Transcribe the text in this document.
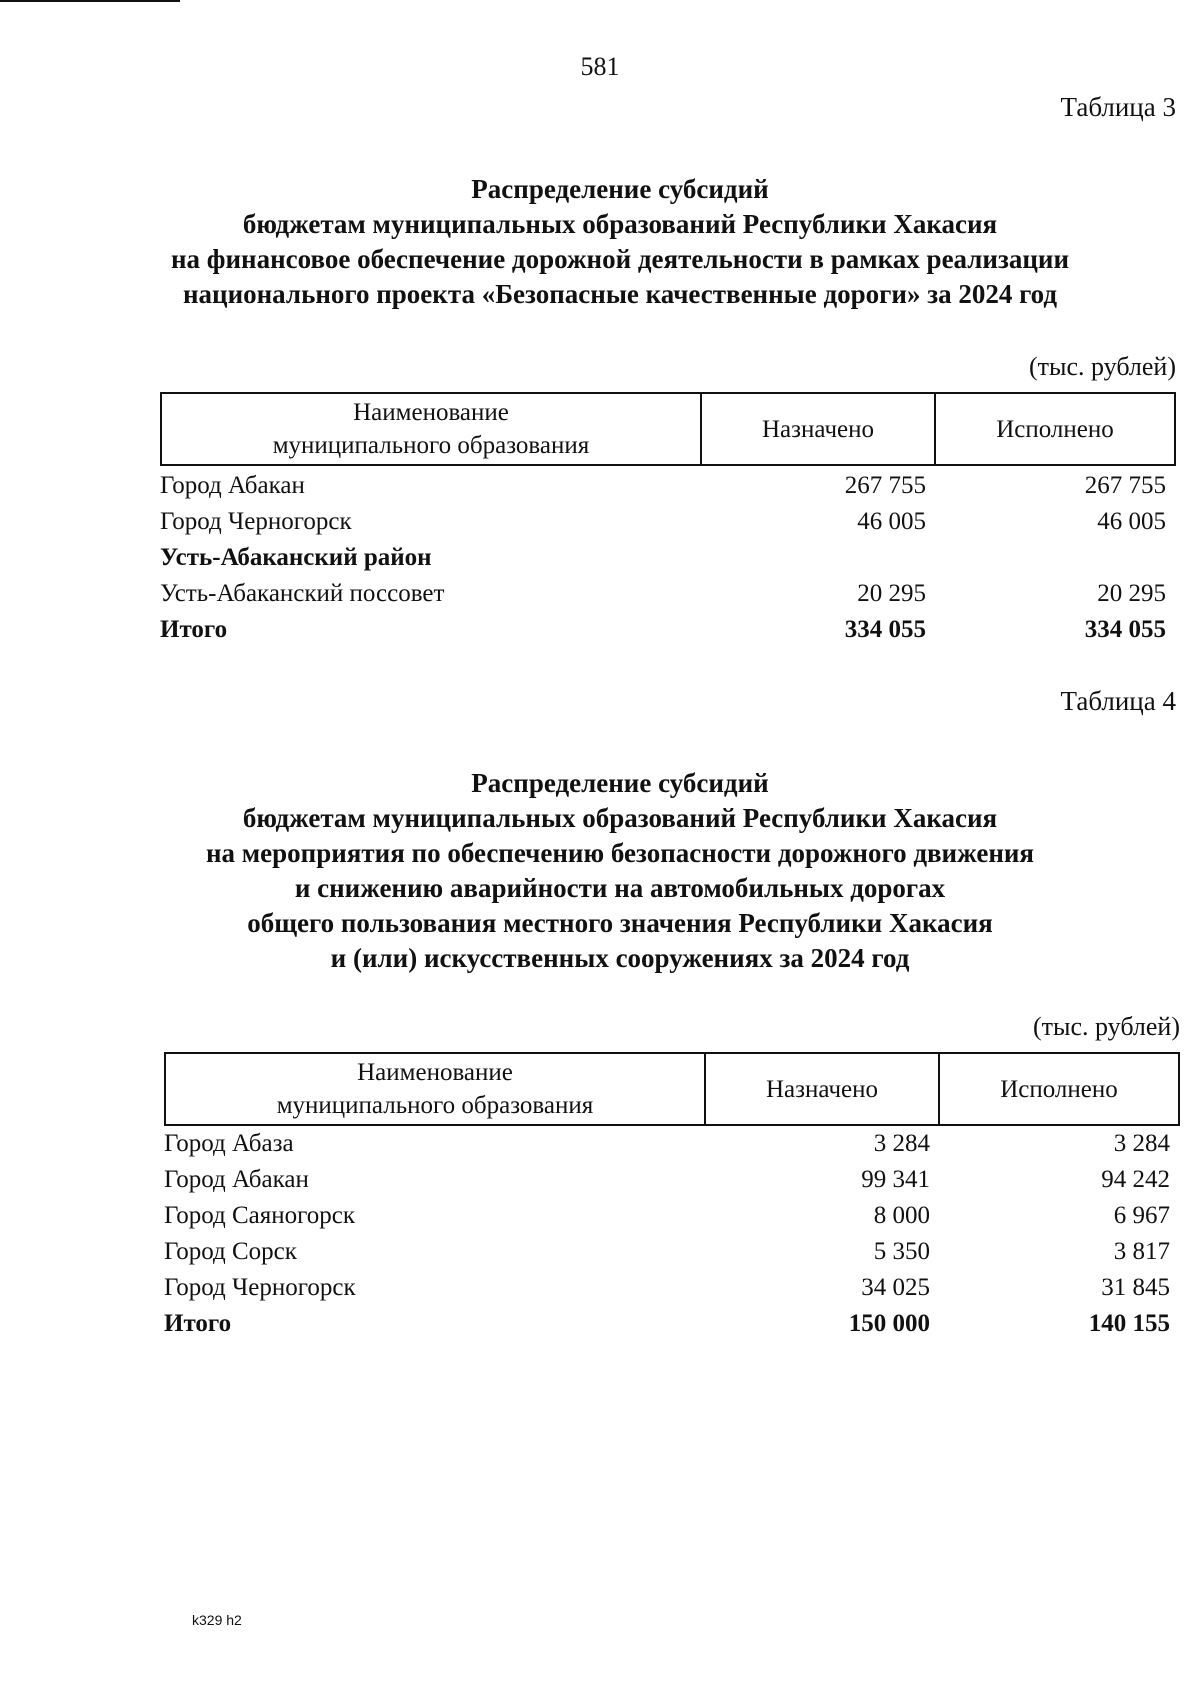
581
Таблица 3
Распределение субсидий
бюджетам муниципальных образований Республики Хакасия
на финансовое обеспечение дорожной деятельности в рамках реализации
национального проекта «Безопасные качественные дороги» за 2024 год
(тыс. рублей)
Наименование
муниципального образования
Назначено	Исполнено
Город Абакан	267 755	267 755
Город Черногорск	46 005	46 005
Усть-Абаканский район
Усть-Абаканский поссовет	20 295	20 295
Итого	334 055	334 055
Таблица 4
Распределение субсидий
бюджетам муниципальных образований Республики Хакасия
на мероприятия по обеспечению безопасности дорожного движения
и снижению аварийности на автомобильных дорогах
общего пользования местного значения Республики Хакасия
и (или) искусственных сооружениях за 2024 год
(тыс. рублей)
Наименование
муниципального образования
Назначено	Исполнено
Город Абаза	3 284	3 284
Город Абакан	99 341	94 242
Город Саяногорск	8 000	6 967
Город Сорск	5 350	3 817
Город Черногорск	34 025	31 845
Итого	150 000	140 155
k329 h2
